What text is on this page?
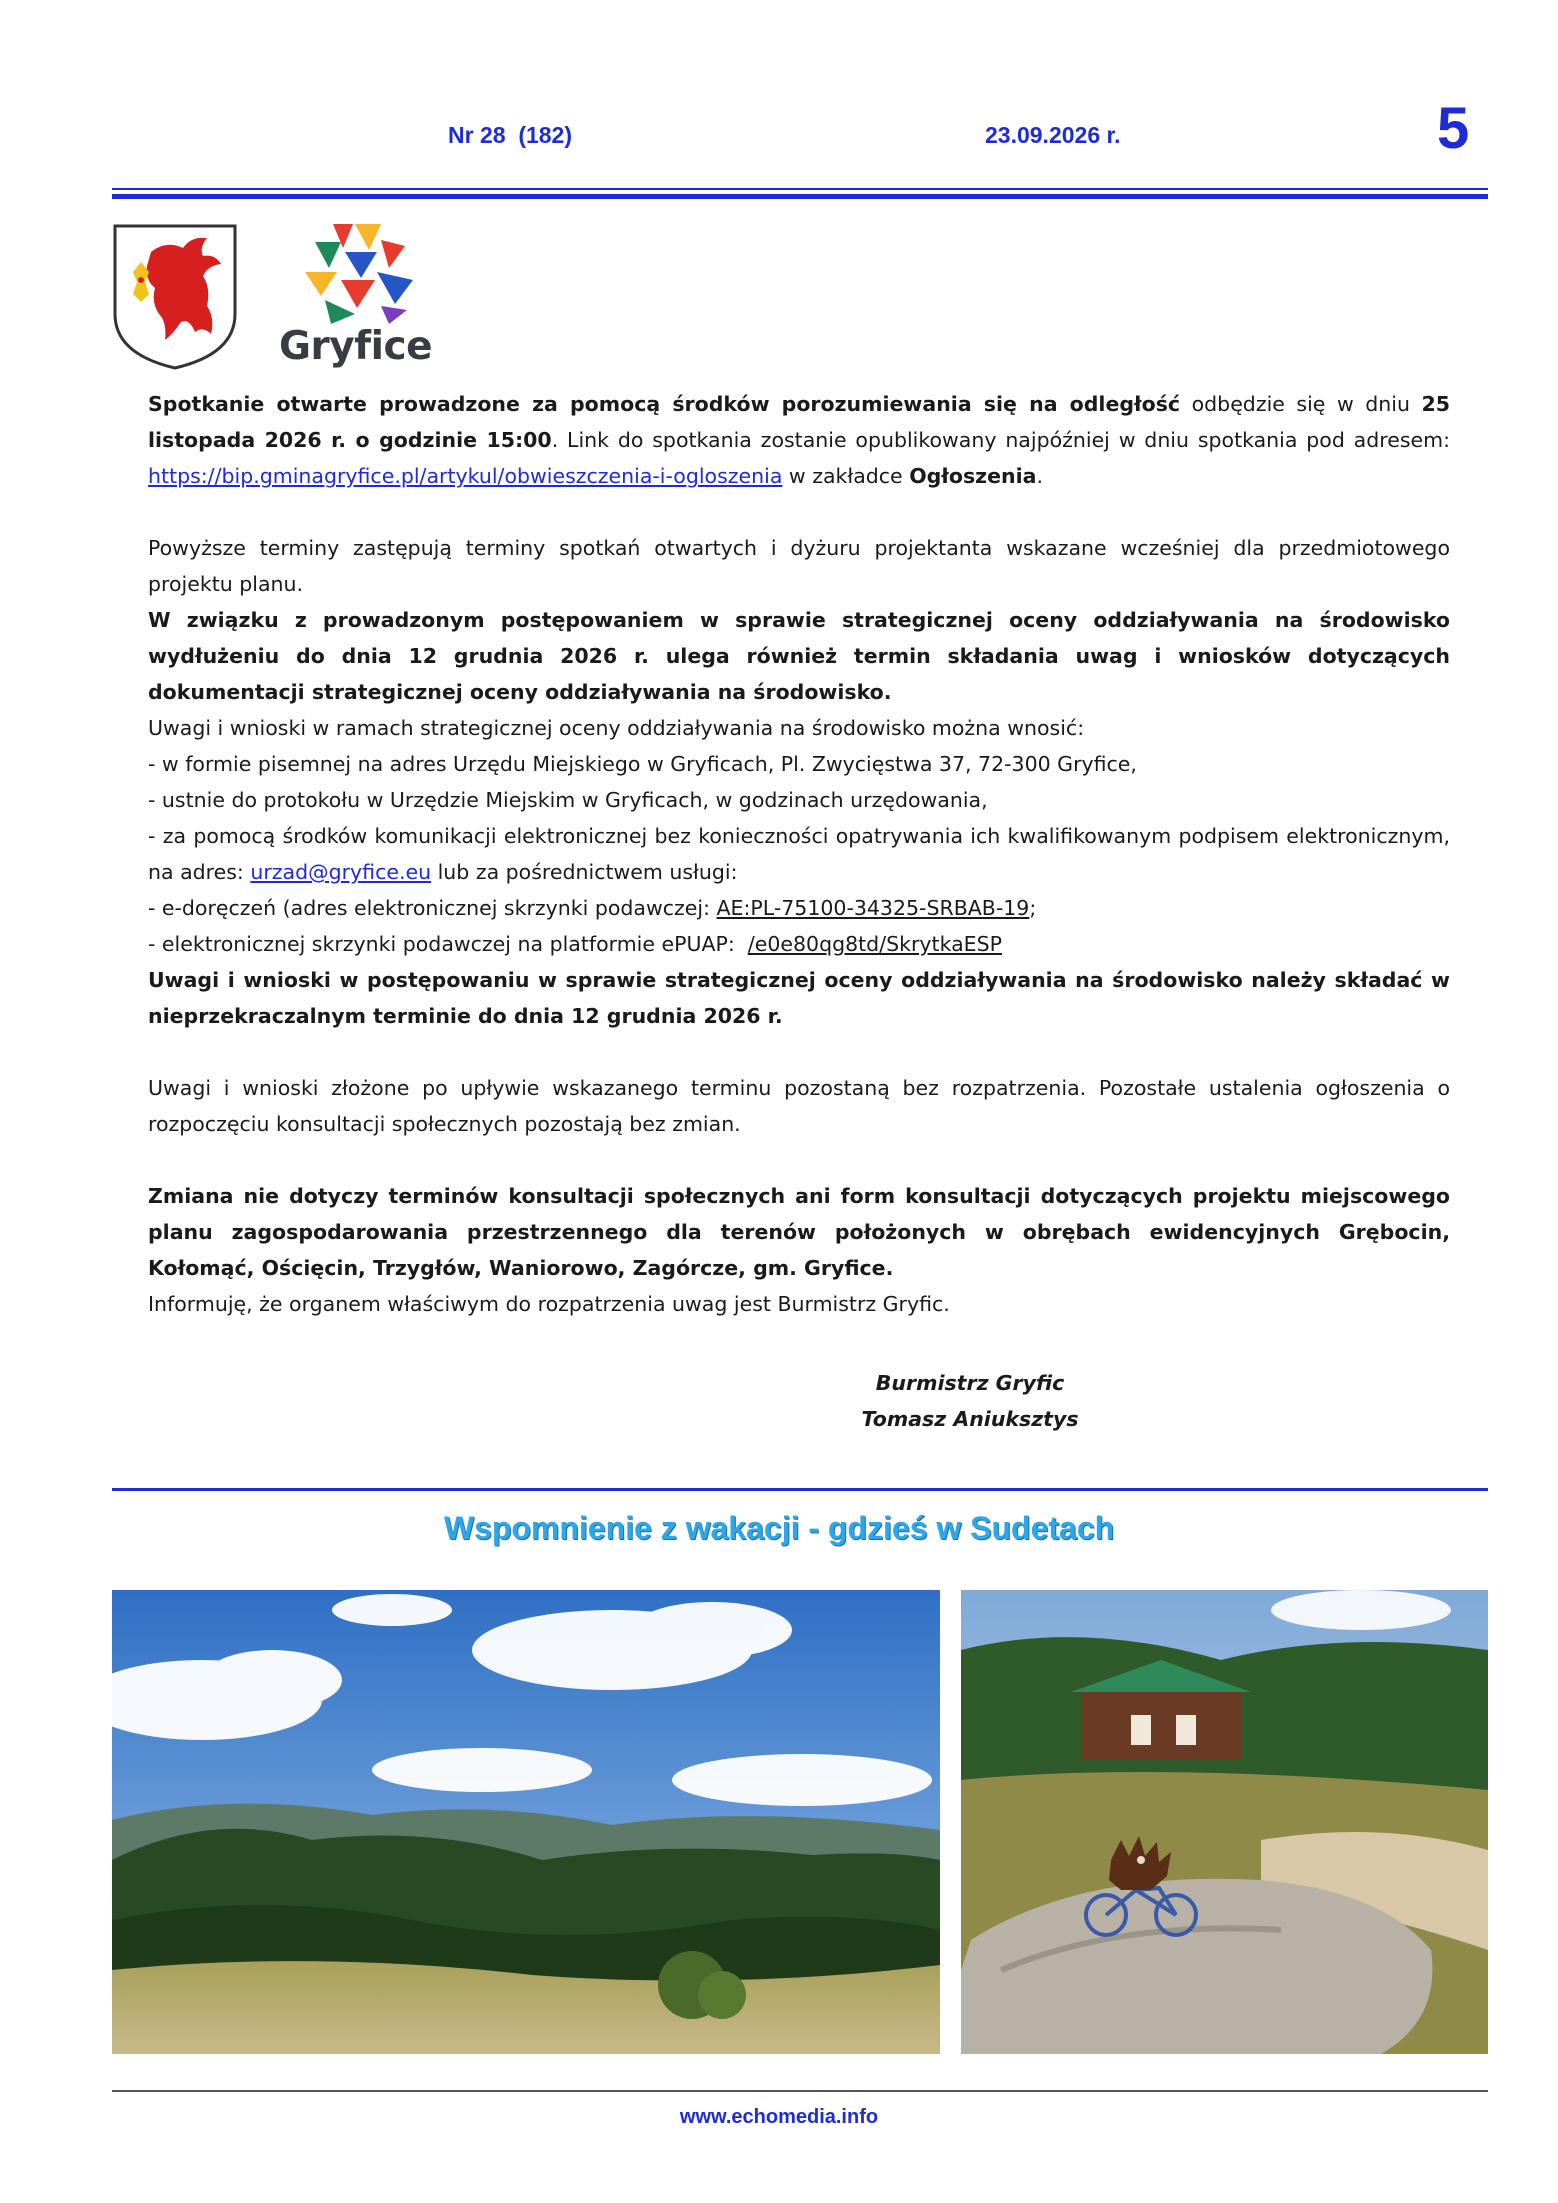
Nr 28  (182)	23.09.2026 r.	5
Gryfice

Spotkanie otwarte prowadzone za pomocą środków porozumiewania się na odległość odbędzie się w dniu 25 listopada 2026 r. o godzinie 15:00. Link do spotkania zostanie opublikowany najpóźniej w dniu spotkania pod adresem: https://bip.gminagryfice.pl/artykul/obwieszczenia-i-ogloszenia w zakładce Ogłoszenia.

Powyższe terminy zastępują terminy spotkań otwartych i dyżuru projektanta wskazane wcześniej dla przedmiotowego projektu planu.

W związku z prowadzonym postępowaniem w sprawie strategicznej oceny oddziaływania na środowisko wydłużeniu do dnia 12 grudnia 2026 r. ulega również termin składania uwag i wniosków dotyczących dokumentacji strategicznej oceny oddziaływania na środowisko.

Uwagi i wnioski w ramach strategicznej oceny oddziaływania na środowisko można wnosić:

- w formie pisemnej na adres Urzędu Miejskiego w Gryficach, Pl. Zwycięstwa 37, 72-300 Gryfice,

- ustnie do protokołu w Urzędzie Miejskim w Gryficach, w godzinach urzędowania,

- za pomocą środków komunikacji elektronicznej bez konieczności opatrywania ich kwalifikowanym podpisem elektronicznym, na adres: urzad@gryfice.eu lub za pośrednictwem usługi:

- e-doręczeń (adres elektronicznej skrzynki podawczej: AE:PL-75100-34325-SRBAB-19;

- elektronicznej skrzynki podawczej na platformie ePUAP:  /e0e80qg8td/SkrytkaESP

Uwagi i wnioski w postępowaniu w sprawie strategicznej oceny oddziaływania na środowisko należy składać w nieprzekraczalnym terminie do dnia 12 grudnia 2026 r.

Uwagi i wnioski złożone po upływie wskazanego terminu pozostaną bez rozpatrzenia. Pozostałe ustalenia ogłoszenia o rozpoczęciu konsultacji społecznych pozostają bez zmian.

Zmiana nie dotyczy terminów konsultacji społecznych ani form konsultacji dotyczących projektu miejscowego planu zagospodarowania przestrzennego dla terenów położonych w obrębach ewidencyjnych Grębocin, Kołomąć, Ościęcin, Trzygłów, Waniorowo, Zagórcze, gm. Gryfice.

Informuję, że organem właściwym do rozpatrzenia uwag jest Burmistrz Gryfic.

Burmistrz Gryfic
Tomasz Aniuksztys
Wspomnienie z wakacji - gdzieś w Sudetach
www.echomedia.info
